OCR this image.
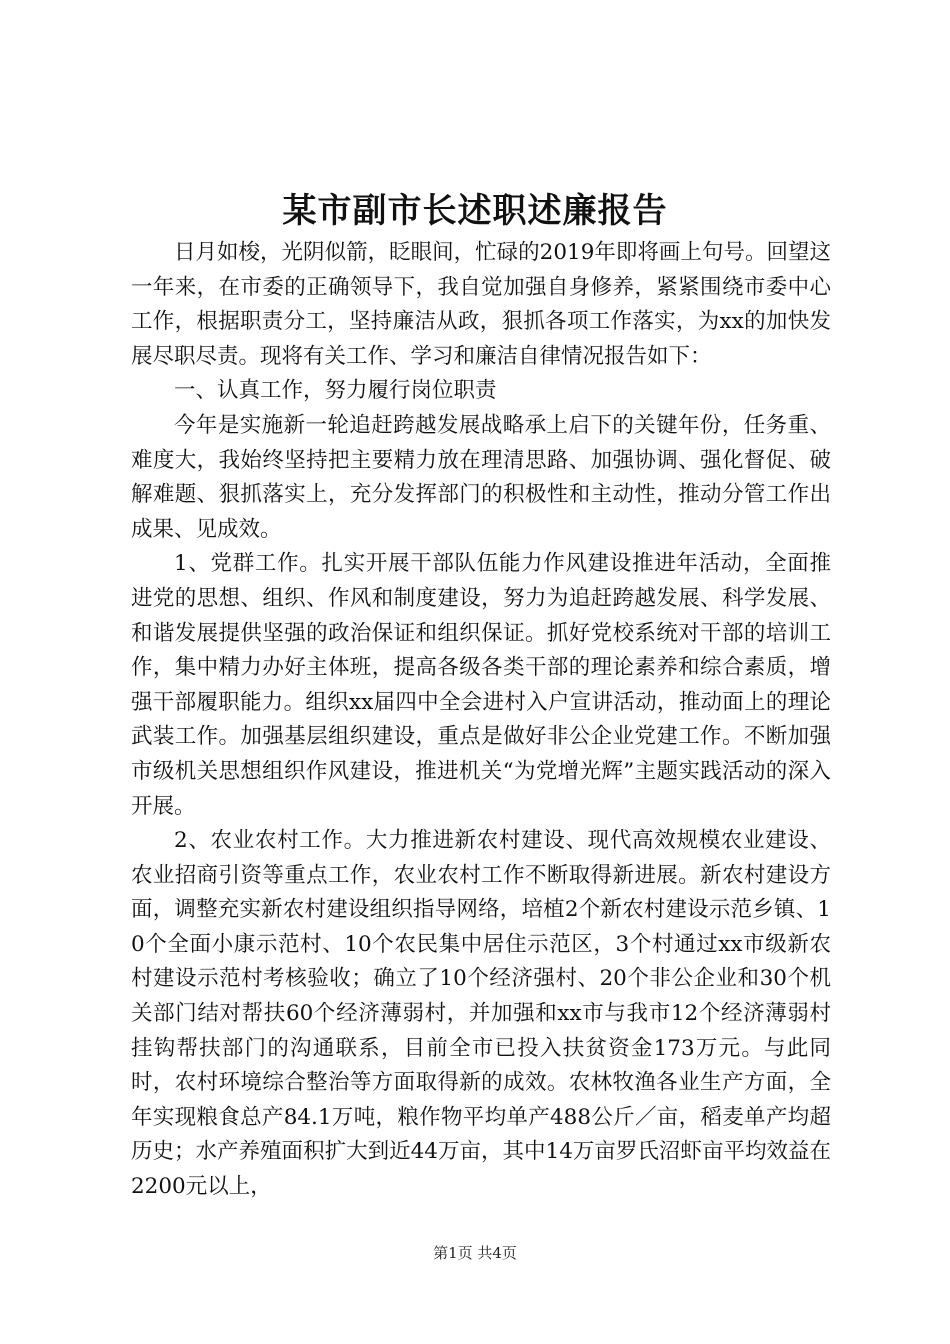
某市副市长述职述廉报告

日月如梭，光阴似箭，眨眼间，忙碌的2019年即将画上句号。回望这一年来，在市委的正确领导下，我自觉加强自身修养，紧紧围绕市委中心工作，根据职责分工，坚持廉洁从政，狠抓各项工作落实，为xx的加快发展尽职尽责。现将有关工作、学习和廉洁自律情况报告如下：

一、认真工作，努力履行岗位职责

今年是实施新一轮追赶跨越发展战略承上启下的关键年份，任务重、难度大，我始终坚持把主要精力放在理清思路、加强协调、强化督促、破解难题、狠抓落实上，充分发挥部门的积极性和主动性，推动分管工作出成果、见成效。

1、党群工作。扎实开展干部队伍能力作风建设推进年活动，全面推进党的思想、组织、作风和制度建设，努力为追赶跨越发展、科学发展、和谐发展提供坚强的政治保证和组织保证。抓好党校系统对干部的培训工作，集中精力办好主体班，提高各级各类干部的理论素养和综合素质，增强干部履职能力。组织xx届四中全会进村入户宣讲活动，推动面上的理论武装工作。加强基层组织建设，重点是做好非公企业党建工作。不断加强市级机关思想组织作风建设，推进机关“为党增光辉”主题实践活动的深入开展。

2、农业农村工作。大力推进新农村建设、现代高效规模农业建设、农业招商引资等重点工作，农业农村工作不断取得新进展。新农村建设方面，调整充实新农村建设组织指导网络，培植2个新农村建设示范乡镇、10个全面小康示范村、10个农民集中居住示范区，3个村通过xx市级新农村建设示范村考核验收；确立了10个经济强村、20个非公企业和30个机关部门结对帮扶60个经济薄弱村，并加强和xx市与我市12个经济薄弱村挂钩帮扶部门的沟通联系，目前全市已投入扶贫资金173万元。与此同时，农村环境综合整治等方面取得新的成效。农林牧渔各业生产方面，全年实现粮食总产84.1万吨，粮作物平均单产488公斤／亩，稻麦单产均超历史；水产养殖面积扩大到近44万亩，其中14万亩罗氏沼虾亩平均效益在2200元以上，

第1页 共4页
